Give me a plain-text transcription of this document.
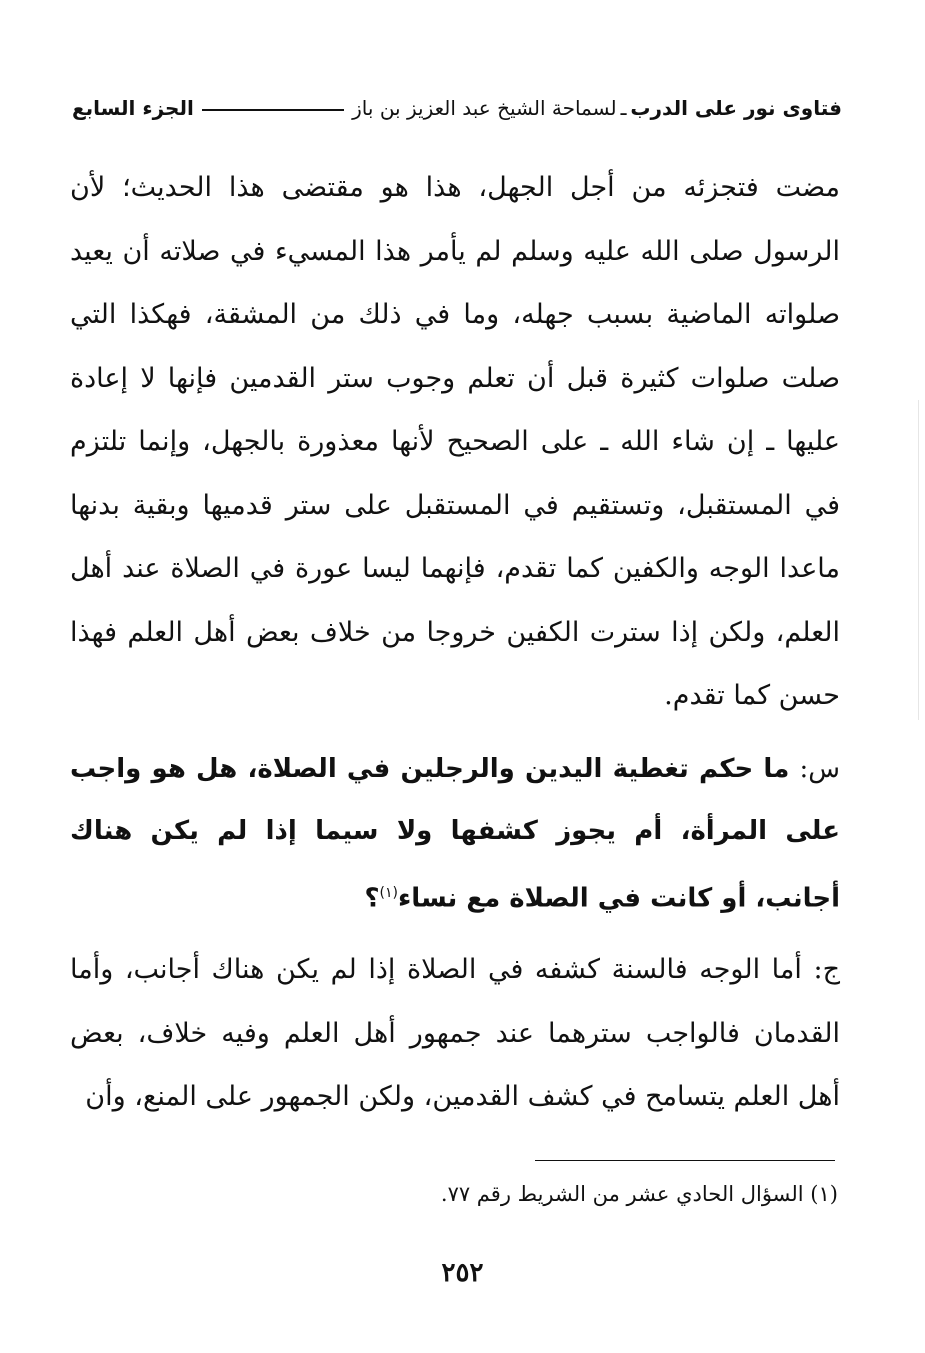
فتاوى نور على الدرب
ـ
لسماحة الشيخ عبد العزيز بن باز
الجزء السابع

مضت فتجزئه من أجل الجهل، هذا هو مقتضى هذا الحديث؛ لأن الرسول صلى الله عليه وسلم لم يأمر هذا المسيء في صلاته أن يعيد صلواته الماضية بسبب جهله، وما في ذلك من المشقة، فهكذا التي صلت صلوات كثيرة قبل أن تعلم وجوب ستر القدمين فإنها لا إعادة عليها ـ إن شاء الله ـ على الصحيح لأنها معذورة بالجهل، وإنما تلتزم في المستقبل، وتستقيم في المستقبل على ستر قدميها وبقية بدنها ماعدا الوجه والكفين كما تقدم، فإنهما ليسا عورة في الصلاة عند أهل العلم، ولكن إذا سترت الكفين خروجا من خلاف بعض أهل العلم فهذا حسن كما تقدم.

س: ما حكم تغطية اليدين والرجلين في الصلاة، هل هو واجب على المرأة، أم يجوز كشفها ولا سيما إذا لم يكن هناك أجانب، أو كانت في الصلاة مع نساء$^{(١)}$؟

ج: أما الوجه فالسنة كشفه في الصلاة إذا لم يكن هناك أجانب، وأما القدمان فالواجب سترهما عند جمهور أهل العلم وفيه خلاف، بعض أهل العلم يتسامح في كشف القدمين، ولكن الجمهور على المنع، وأن

(١) السؤال الحادي عشر من الشريط رقم ٧٧.

٢٥٢
